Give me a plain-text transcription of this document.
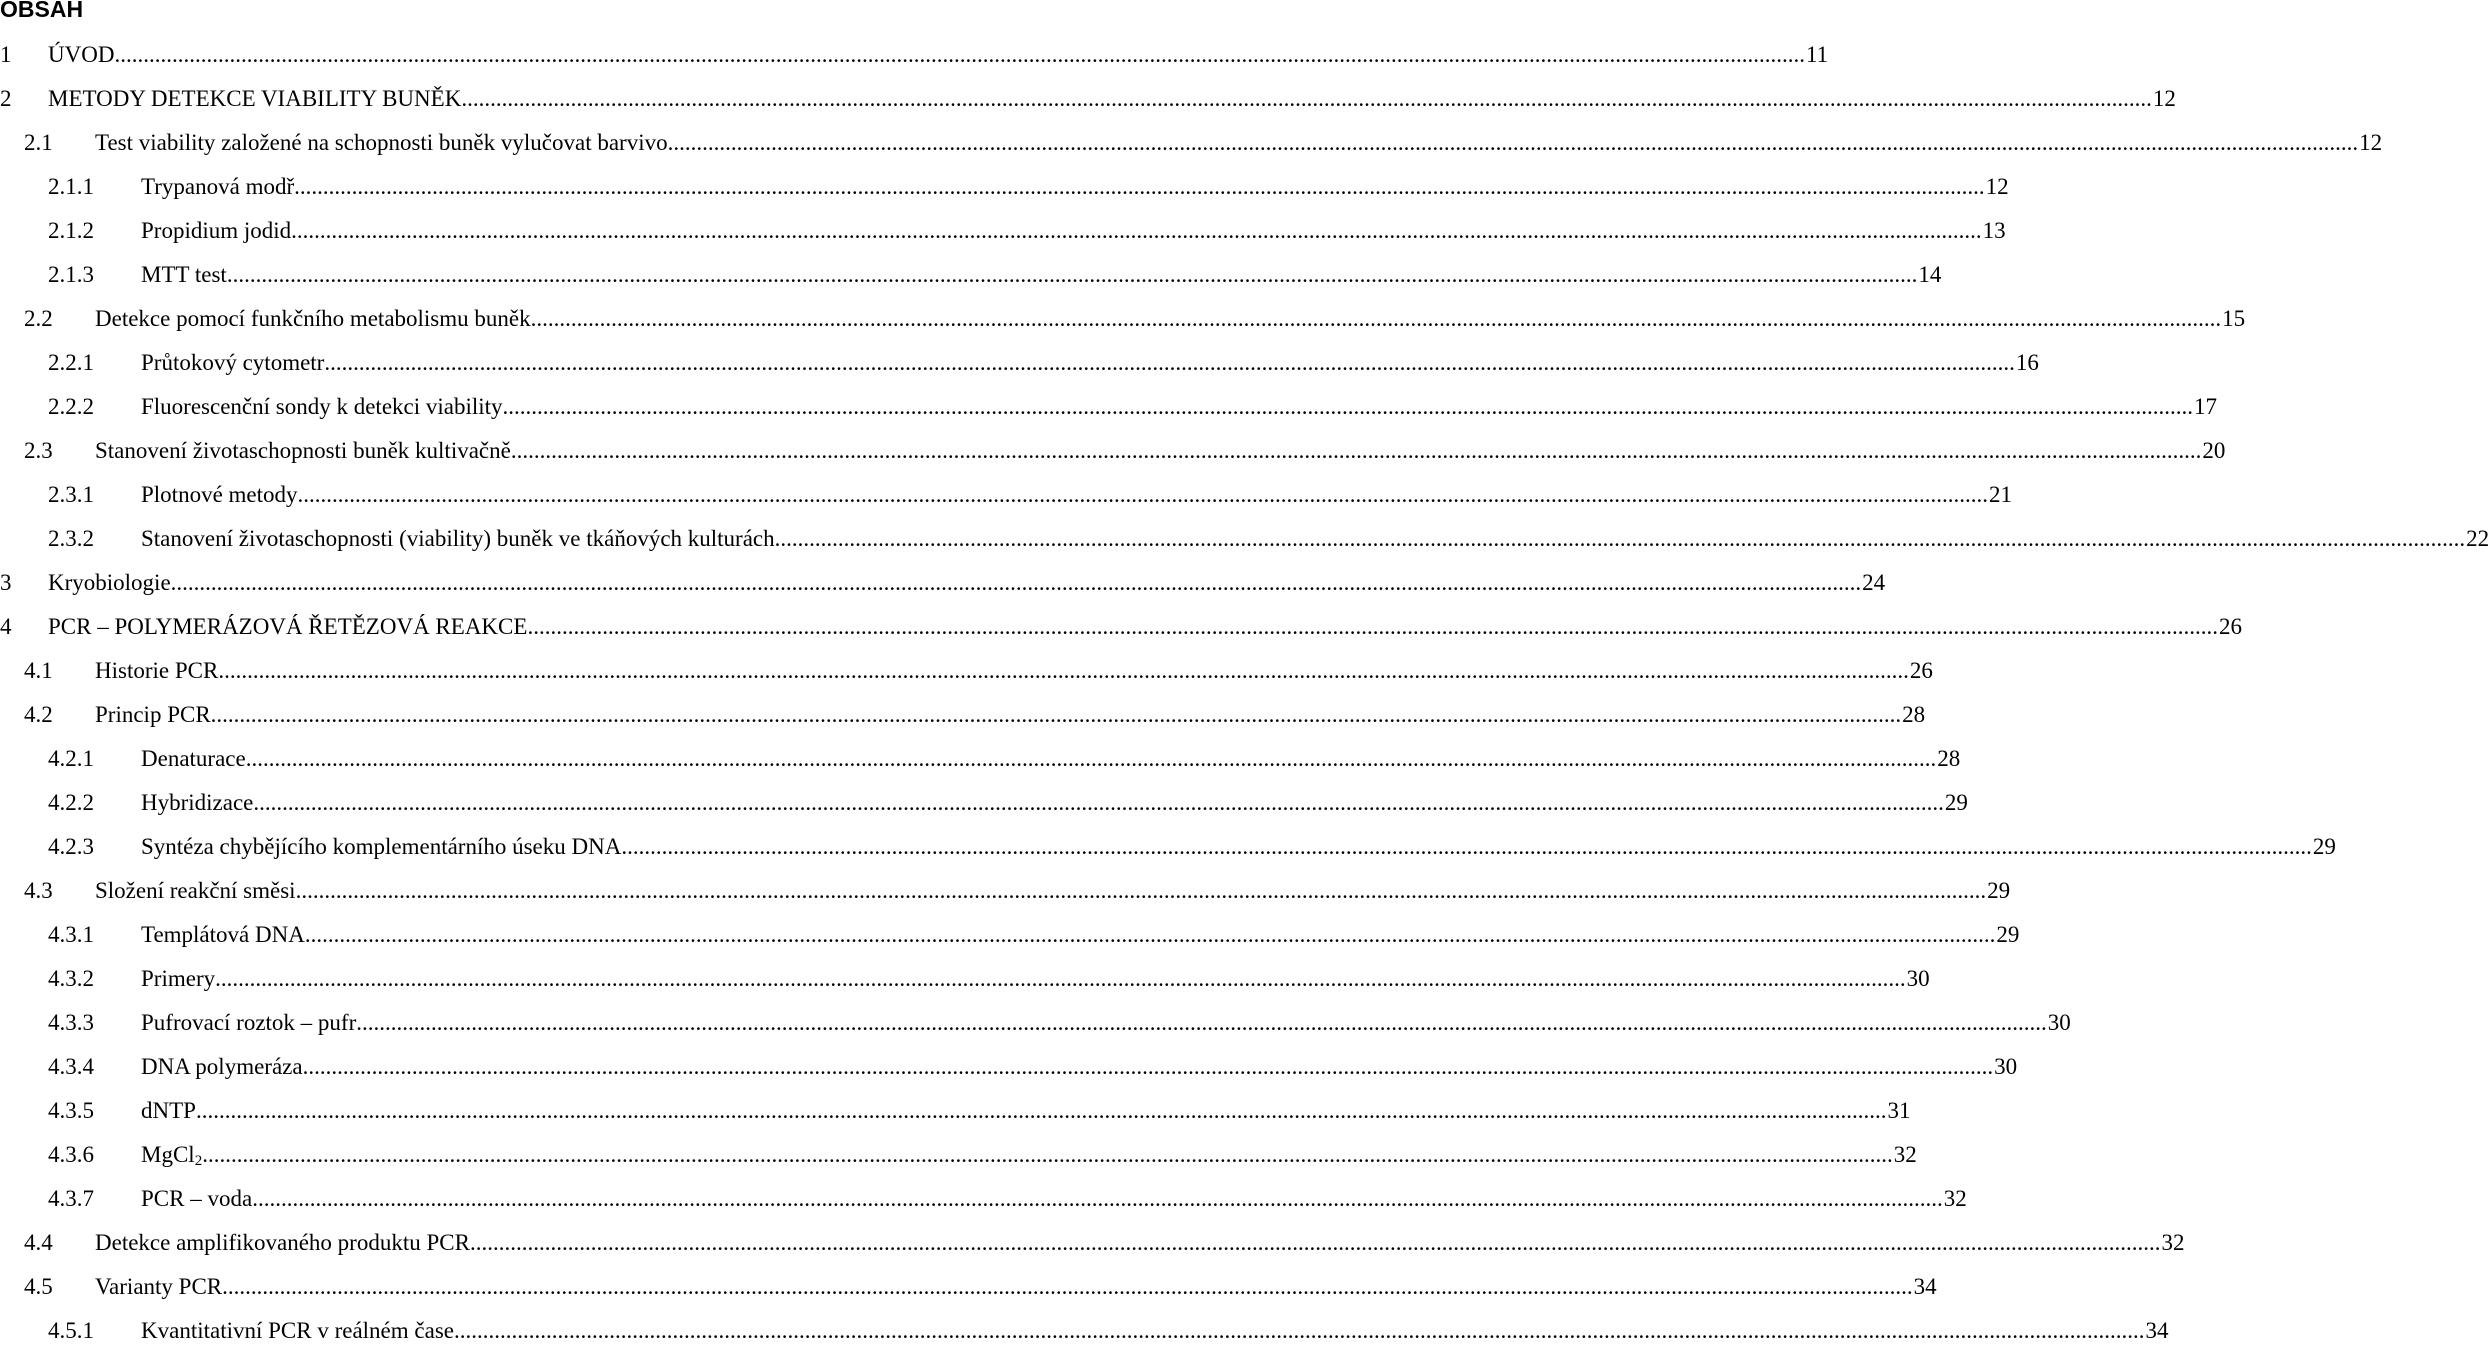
OBSAH
1	ÚVOD .....	11
2	METODY DETEKCE VIABILITY BUNĚK .....	12
2.1	Test viability založené na schopnosti buněk vylučovat barvivo .....	12
2.1.1	Trypanová modř .....	12
2.1.2	Propidium jodid .....	13
2.1.3	MTT test .....	14
2.2	Detekce pomocí funkčního metabolismu buněk .....	15
2.2.1	Průtokový cytometr .....	16
2.2.2	Fluorescenční sondy k detekci viability .....	17
2.3	Stanovení životaschopnosti buněk kultivačně .....	20
2.3.1	Plotnové metody .....	21
2.3.2	Stanovení životaschopnosti (viability) buněk ve tkáňových kulturách .....	22
3	Kryobiologie .....	24
4	PCR – POLYMERÁZOVÁ ŘETĚZOVÁ REAKCE .....	26
4.1	Historie PCR .....	26
4.2	Princip PCR .....	28
4.2.1	Denaturace .....	28
4.2.2	Hybridizace .....	29
4.2.3	Syntéza chybějícího komplementárního úseku DNA .....	29
4.3	Složení reakční směsi .....	29
4.3.1	Templátová DNA .....	29
4.3.2	Primery .....	30
4.3.3	Pufrovací roztok – pufr .....	30
4.3.4	DNA polymeráza .....	30
4.3.5	dNTP .....	31
4.3.6	MgCl$_2$ .....	32
4.3.7	PCR – voda .....	32
4.4	Detekce amplifikovaného produktu PCR .....	32
4.5	Varianty PCR .....	34
4.5.1	Kvantitativní PCR v reálném čase .....	34
